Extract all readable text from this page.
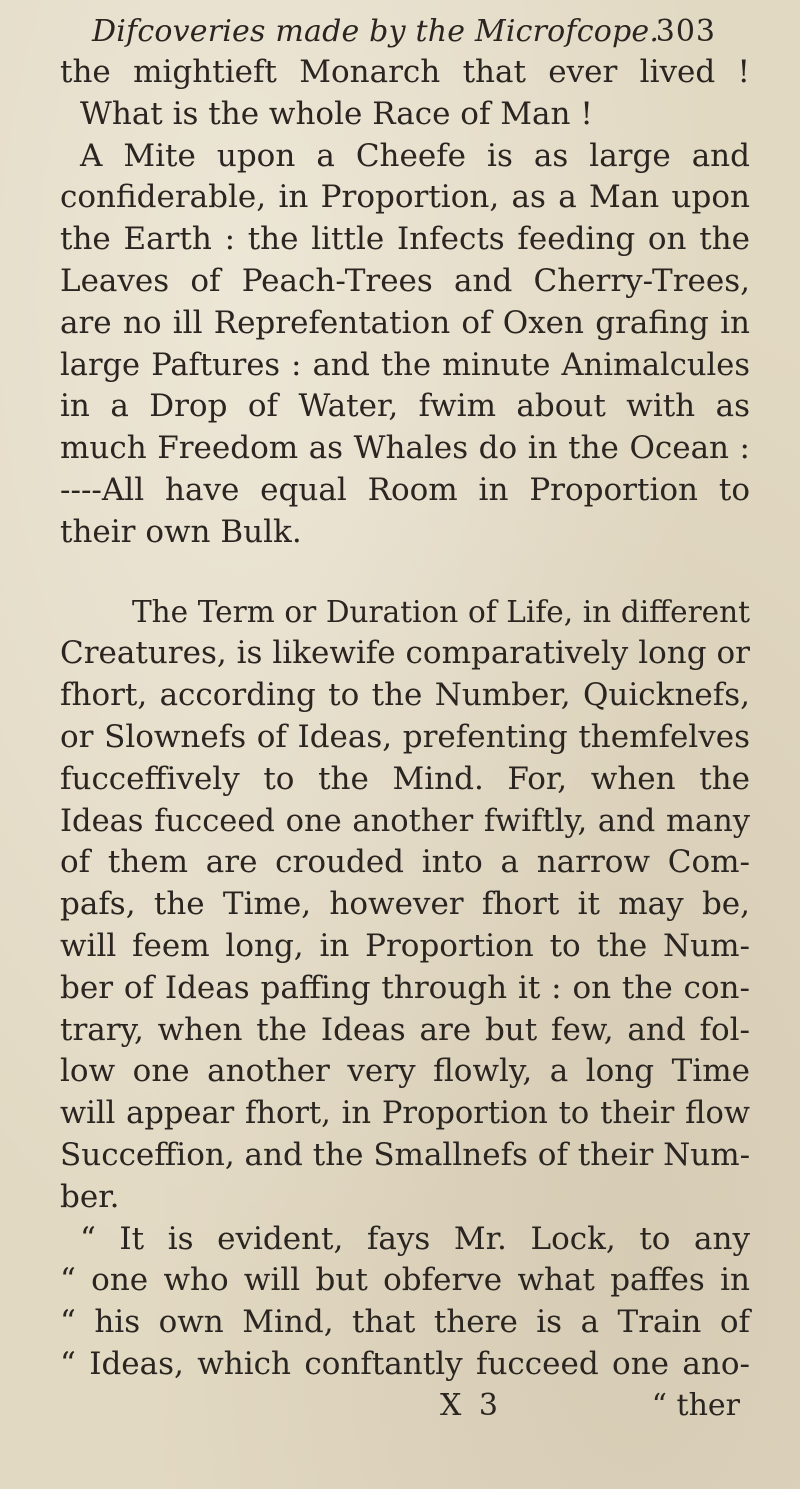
Difcoveries made by the Microfcope.
303
the mightieft Monarch that ever lived !
What is the whole Race of Man !
A Mite upon a Cheefe is as large and
confiderable, in Proportion, as a Man upon
the Earth : the little Infects feeding on the
Leaves of Peach-Trees and Cherry-Trees,
are no ill Reprefentation of Oxen grafing in
large Paftures : and the minute Animalcules
in a Drop of Water, fwim about with as
much Freedom as Whales do in the Ocean :
----All have equal Room in Proportion to
their own Bulk.
The Term or Duration of Life, in different
Creatures, is likewife comparatively long or
fhort, according to the Number, Quicknefs,
or Slownefs of Ideas, prefenting themfelves
fucceffively to the Mind. For, when the
Ideas fucceed one another fwiftly, and many
of them are crouded into a narrow Com-
pafs, the Time, however fhort it may be,
will feem long, in Proportion to the Num-
ber of Ideas paffing through it : on the con-
trary, when the Ideas are but few, and fol-
low one another very flowly, a long Time
will appear fhort, in Proportion to their flow
Succeffion, and the Smallnefs of their Num-
ber.
“ It is evident, fays Mr. Lock, to any
“ one who will but obferve what paffes in
“ his own Mind, that there is a Train of
“ Ideas, which conftantly fucceed one ano-
X 3	“ ther
